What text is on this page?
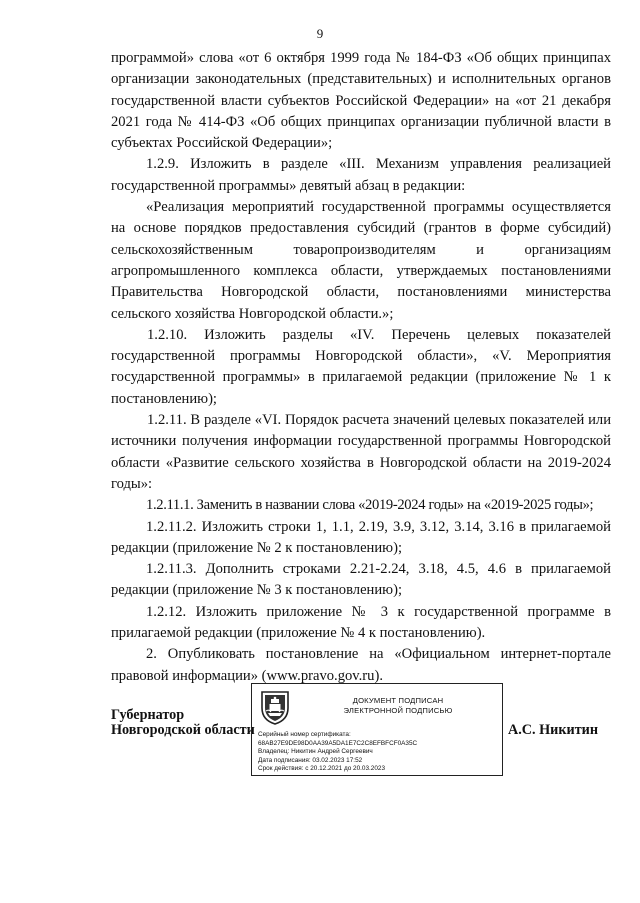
9

программой» слова «от 6 октября 1999 года № 184-ФЗ «Об общих принципах организации законодательных (представительных) и исполнительных органов государственной власти субъектов Российской Федерации» на «от 21 декабря 2021 года № 414-ФЗ «Об общих принципах организации публичной власти в субъектах Российской Федерации»;

1.2.9. Изложить в разделе «III. Механизм управления реализацией государственной программы» девятый абзац в редакции:

«Реализация мероприятий государственной программы осуществляется на основе порядков предоставления субсидий (грантов в форме субсидий) сельскохозяйственным товаропроизводителям и организациям агропромышленного комплекса области, утверждаемых постановлениями Правительства Новгородской области, постановлениями министерства сельского хозяйства Новгородской области.»;

1.2.10. Изложить разделы «IV. Перечень целевых показателей государственной программы Новгородской области», «V. Мероприятия государственной программы» в прилагаемой редакции (приложение № 1 к постановлению);

1.2.11. В разделе «VI. Порядок расчета значений целевых показателей или источники получения информации государственной программы Новгородской области «Развитие сельского хозяйства в Новгородской области на 2019-2024 годы»:

1.2.11.1. Заменить в названии слова «2019-2024 годы» на «2019-2025 годы»;

1.2.11.2. Изложить строки 1, 1.1, 2.19, 3.9, 3.12, 3.14, 3.16 в прилагаемой редакции (приложение № 2 к постановлению);

1.2.11.3. Дополнить строками 2.21-2.24, 3.18, 4.5, 4.6 в прилагаемой редакции (приложение № 3 к постановлению);

1.2.12. Изложить приложение № 3 к государственной программе в прилагаемой редакции (приложение № 4 к постановлению).

2. Опубликовать постановление на «Официальном интернет-портале правовой информации» (www.pravo.gov.ru).

Губернатор
Новгородской области
ДОКУМЕНТ ПОДПИСАН
ЭЛЕКТРОННОЙ ПОДПИСЬЮ
Серийный номер сертификата:
68AB27E9DE98D0AA39A5DA1E7C2C8EFBFCF0A35C
Владелец: Никитин Андрей Сергеевич
Дата подписания: 03.02.2023 17:52
Срок действия: с 20.12.2021 до 20.03.2023
А.С. Никитин
